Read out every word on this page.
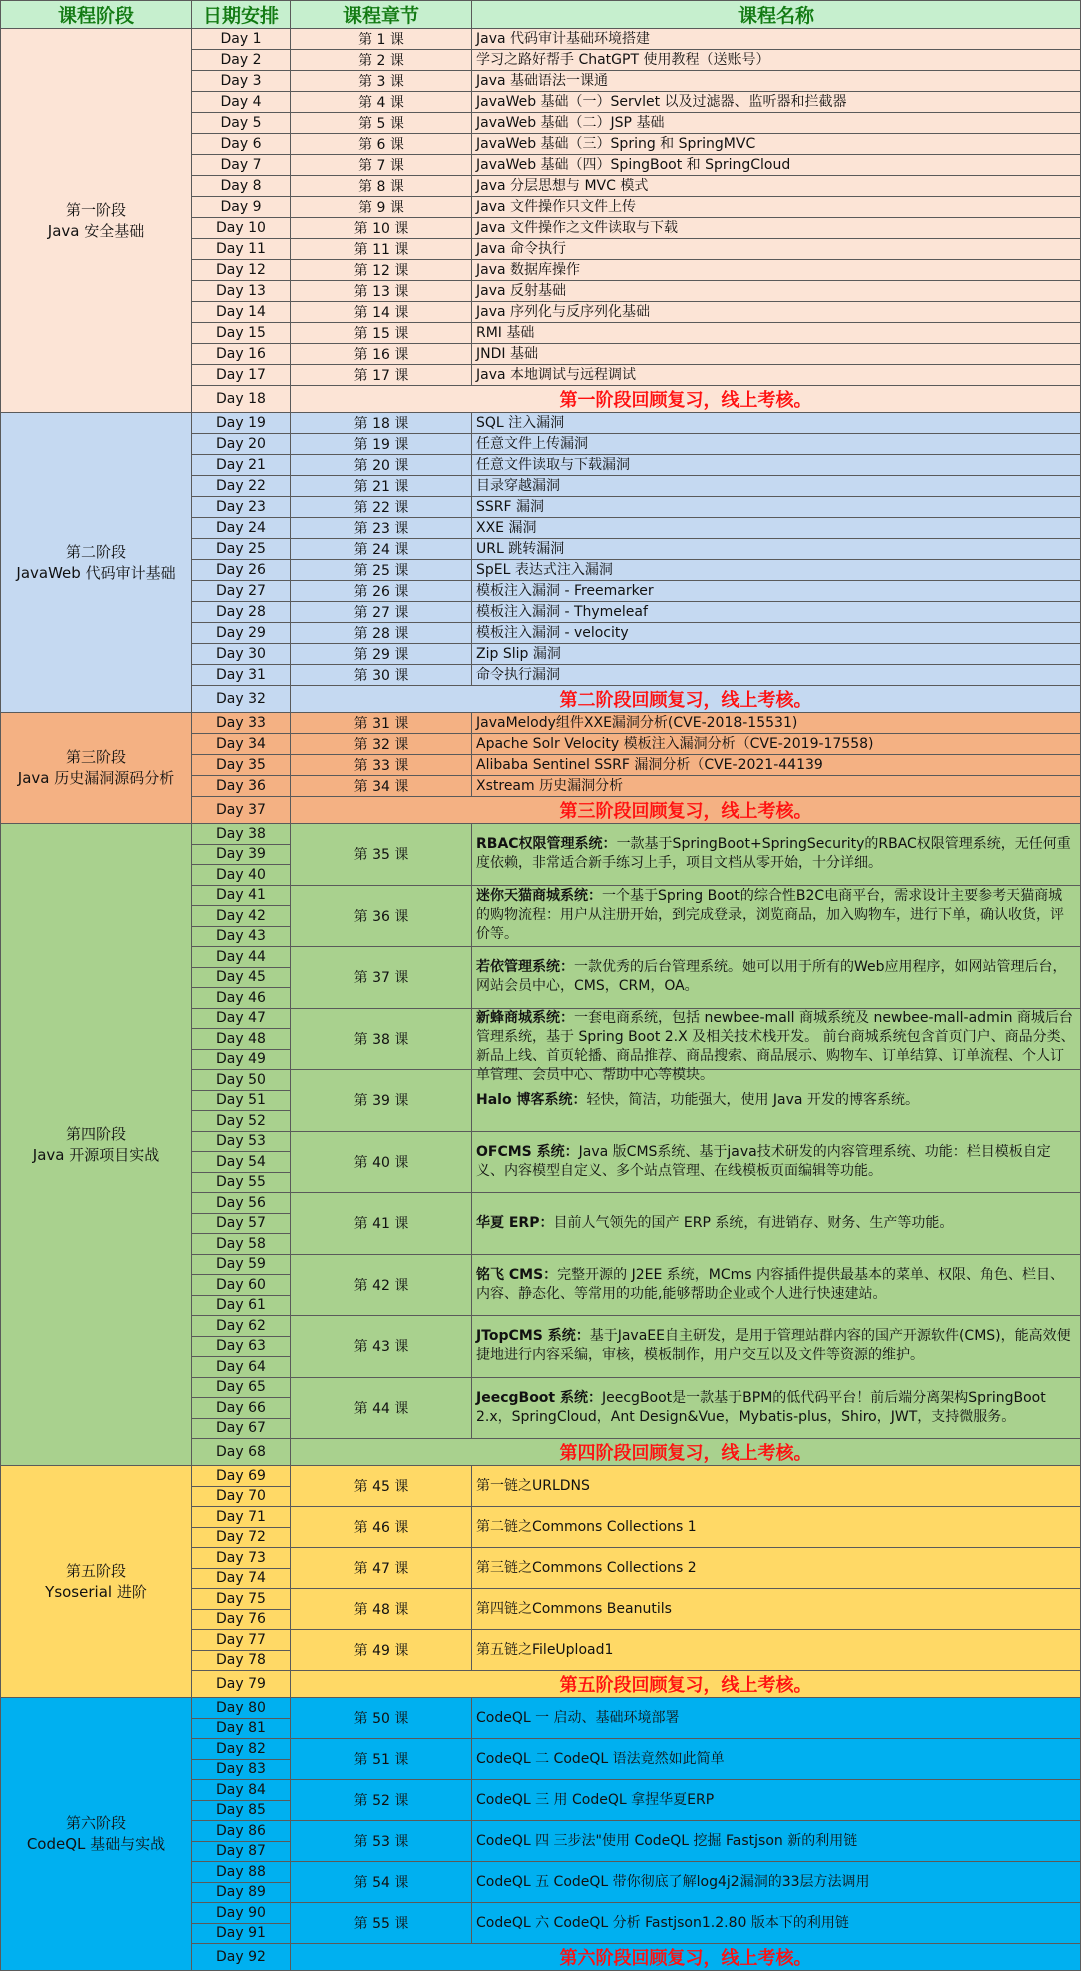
课程阶段	日期安排	课程章节	课程名称

第一阶段
Java 安全基础	Day 1	第 1 课	Java 代码审计基础环境搭建

	Day 2	第 2 课	学习之路好帮手 ChatGPT 使用教程（送账号）

	Day 3	第 3 课	Java 基础语法一课通

	Day 4	第 4 课	JavaWeb 基础（一）Servlet 以及过滤器、监听器和拦截器

	Day 5	第 5 课	JavaWeb 基础（二）JSP 基础

	Day 6	第 6 课	JavaWeb 基础（三）Spring 和 SpringMVC

	Day 7	第 7 课	JavaWeb 基础（四）SpingBoot 和 SpringCloud

	Day 8	第 8 课	Java 分层思想与 MVC 模式

	Day 9	第 9 课	Java 文件操作只文件上传

	Day 10	第 10 课	Java 文件操作之文件读取与下载

	Day 11	第 11 课	Java 命令执行

	Day 12	第 12 课	Java 数据库操作

	Day 13	第 13 课	Java 反射基础

	Day 14	第 14 课	Java 序列化与反序列化基础

	Day 15	第 15 课	RMI 基础

	Day 16	第 16 课	JNDI 基础

	Day 17	第 17 课	Java 本地调试与远程调试

	Day 18	第一阶段回顾复习，线上考核。	

第二阶段
JavaWeb 代码审计基础	Day 19	第 18 课	SQL 注入漏洞

	Day 20	第 19 课	任意文件上传漏洞

	Day 21	第 20 课	任意文件读取与下载漏洞

	Day 22	第 21 课	目录穿越漏洞

	Day 23	第 22 课	SSRF 漏洞

	Day 24	第 23 课	XXE 漏洞

	Day 25	第 24 课	URL 跳转漏洞

	Day 26	第 25 课	SpEL 表达式注入漏洞

	Day 27	第 26 课	模板注入漏洞 - Freemarker

	Day 28	第 27 课	模板注入漏洞 - Thymeleaf

	Day 29	第 28 课	模板注入漏洞 - velocity

	Day 30	第 29 课	Zip Slip 漏洞

	Day 31	第 30 课	命令执行漏洞

	Day 32	第二阶段回顾复习，线上考核。	

第三阶段
Java 历史漏洞源码分析	Day 33	第 31 课	JavaMelody组件XXE漏洞分析(CVE-2018-15531)

	Day 34	第 32 课	Apache Solr Velocity 模板注入漏洞分析（CVE-2019-17558)

	Day 35	第 33 课	Alibaba Sentinel SSRF 漏洞分析（CVE-2021-44139

	Day 36	第 34 课	Xstream 历史漏洞分析

	Day 37	第三阶段回顾复习，线上考核。	

第四阶段
Java 开源项目实战	Day 38	第 35 课	RBAC权限管理系统：一款基于SpringBoot+SpringSecurity的RBAC权限管理系统，无任何重度依赖，非常适合新手练习上手，项目文档从零开始，十分详细。

	Day 39		
	Day 40		
	Day 41	第 36 课	迷你天猫商城系统：一个基于Spring Boot的综合性B2C电商平台，需求设计主要参考天猫商城的购物流程：用户从注册开始，到完成登录，浏览商品，加入购物车，进行下单，确认收货，评价等。

	Day 42		
	Day 43		
	Day 44	第 37 课	若依管理系统：一款优秀的后台管理系统。她可以用于所有的Web应用程序，如网站管理后台，网站会员中心，CMS，CRM，OA。

	Day 45		
	Day 46		
	Day 47	第 38 课	新蜂商城系统：一套电商系统，包括 newbee-mall 商城系统及 newbee-mall-admin 商城后台管理系统，基于 Spring Boot 2.X 及相关技术栈开发。 前台商城系统包含首页门户、商品分类、新品上线、首页轮播、商品推荐、商品搜索、商品展示、购物车、订单结算、订单流程、个人订单管理、会员中心、帮助中心等模块。

	Day 48		
	Day 49		
	Day 50	第 39 课	Halo 博客系统：轻快，简洁，功能强大，使用 Java 开发的博客系统。

	Day 51		
	Day 52		
	Day 53	第 40 课	OFCMS 系统：Java 版CMS系统、基于java技术研发的内容管理系统、功能：栏目模板自定义、内容模型自定义、多个站点管理、在线模板页面编辑等功能。

	Day 54		
	Day 55		
	Day 56	第 41 课	华夏 ERP：目前人气领先的国产 ERP 系统，有进销存、财务、生产等功能。

	Day 57		
	Day 58		
	Day 59	第 42 课	铭飞 CMS：完整开源的 J2EE 系统，MCms 内容插件提供最基本的菜单、权限、角色、栏目、内容、静态化、等常用的功能,能够帮助企业或个人进行快速建站。

	Day 60		
	Day 61		
	Day 62	第 43 课	JTopCMS 系统：基于JavaEE自主研发，是用于管理站群内容的国产开源软件(CMS)，能高效便捷地进行内容采编，审核，模板制作，用户交互以及文件等资源的维护。

	Day 63		
	Day 64		
	Day 65	第 44 课	JeecgBoot 系统：JeecgBoot是一款基于BPM的低代码平台！前后端分离架构SpringBoot 2.x，SpringCloud，Ant Design&Vue，Mybatis-plus，Shiro，JWT，支持微服务。

	Day 66		
	Day 67		
	Day 68	第四阶段回顾复习，线上考核。	

第五阶段
Ysoserial 进阶	Day 69	第 45 课	第一链之URLDNS

	Day 70		
	Day 71	第 46 课	第二链之Commons Collections 1

	Day 72		
	Day 73	第 47 课	第三链之Commons Collections 2

	Day 74		
	Day 75	第 48 课	第四链之Commons Beanutils

	Day 76		
	Day 77	第 49 课	第五链之FileUpload1

	Day 78		
	Day 79	第五阶段回顾复习，线上考核。	

第六阶段
CodeQL 基础与实战	Day 80	第 50 课	CodeQL 一 启动、基础环境部署

	Day 81		
	Day 82	第 51 课	CodeQL 二 CodeQL 语法竟然如此简单

	Day 83		
	Day 84	第 52 课	CodeQL 三 用 CodeQL 拿捏华夏ERP

	Day 85		
	Day 86	第 53 课	CodeQL 四 三步法"使用 CodeQL 挖掘 Fastjson 新的利用链

	Day 87		
	Day 88	第 54 课	CodeQL 五 CodeQL 带你彻底了解log4j2漏洞的33层方法调用

	Day 89		
	Day 90	第 55 课	CodeQL 六 CodeQL 分析 Fastjson1.2.80 版本下的利用链

	Day 91		
	Day 92	第六阶段回顾复习，线上考核。	
